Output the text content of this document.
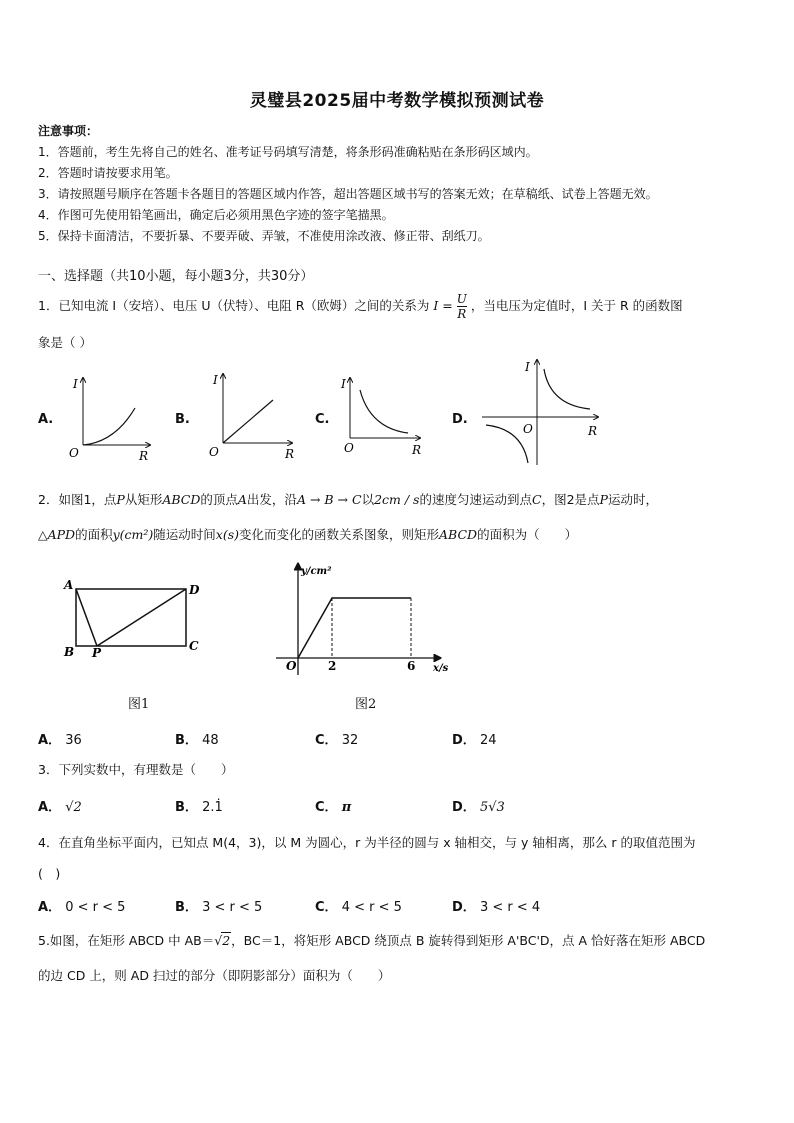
灵璧县2025届中考数学模拟预测试卷
注意事项：
1．答题前，考生先将自己的姓名、准考证号码填写清楚，将条形码准确粘贴在条形码区域内。
2．答题时请按要求用笔。
3．请按照题号顺序在答题卡各题目的答题区域内作答，超出答题区域书写的答案无效；在草稿纸、试卷上答题无效。
4．作图可先使用铅笔画出，确定后必须用黑色字迹的签字笔描黑。
5．保持卡面清洁，不要折暴、不要弄破、弄皱，不准使用涂改液、修正带、刮纸刀。
一、选择题（共10小题，每小题3分，共30分）
1．已知电流 I（安培）、电压 U（伏特）、电阻 R（欧姆）之间的关系为 $I = \frac{U}{R}$ ，当电压为定值时，I 关于 R 的函数图
象是（ ）
A.	B.	C.	D.
I
R
O
I
R
O
I
R
O
I
R
O
2．如图1，点P从矩形ABCD的顶点A出发，沿A → B → C以2cm / s的速度匀速运动到点C，图2是点P运动时，
△APD的面积y(cm²)随运动时间x(s)变化而变化的函数关系图象，则矩形ABCD的面积为（　　）
A	D
B P	C
图1
y/cm²
x/s
O	2	6
图2
A． 36	B． 48	C． 32	D． 24
3．下列实数中，有理数是（　　）
A． √2	B． 2.1̇	C． π	D． 5√3
4．在直角坐标平面内，已知点 M(4，3)，以 M 为圆心，r 为半径的圆与 x 轴相交，与 y 轴相离，那么 r 的取值范围为
(　)
A． 0 < r < 5	B． 3 < r < 5	C． 4 < r < 5	D． 3 < r < 4
5.如图，在矩形 ABCD 中 AB＝√2，BC＝1，将矩形 ABCD 绕顶点 B 旋转得到矩形 A'BC'D，点 A 恰好落在矩形 ABCD
的边 CD 上，则 AD 扫过的部分（即阴影部分）面积为（　　）
